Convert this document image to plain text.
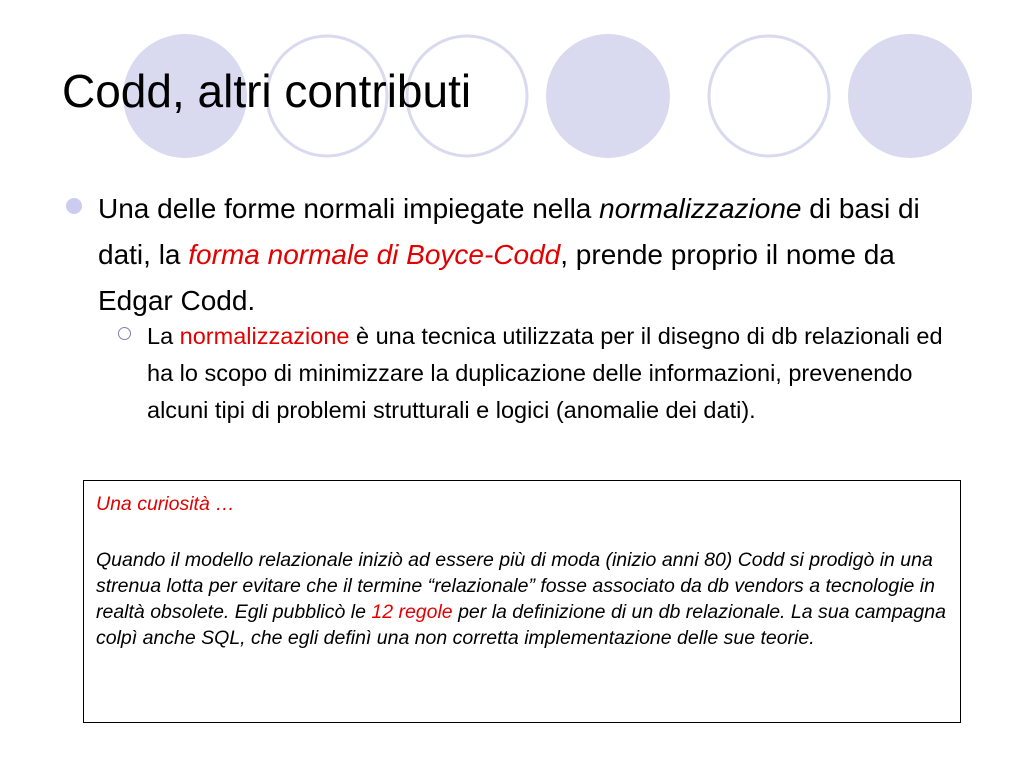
Codd, altri contributi
Una delle forme normali impiegate nella normalizzazione di basi di dati, la forma normale di Boyce-Codd, prende proprio il nome da Edgar Codd.
La normalizzazione è una tecnica utilizzata per il disegno di db relazionali ed ha lo scopo di minimizzare la duplicazione delle informazioni, prevenendo alcuni tipi di problemi strutturali e logici (anomalie dei dati).

Una curiosità …

Quando il modello relazionale iniziò ad essere più di moda (inizio anni 80) Codd si prodigò in una strenua lotta per evitare che il termine “relazionale” fosse associato da db vendors a tecnologie in realtà obsolete. Egli pubblicò le 12 regole per la definizione di un db relazionale. La sua campagna colpì anche SQL, che egli definì una non corretta implementazione delle sue teorie.
